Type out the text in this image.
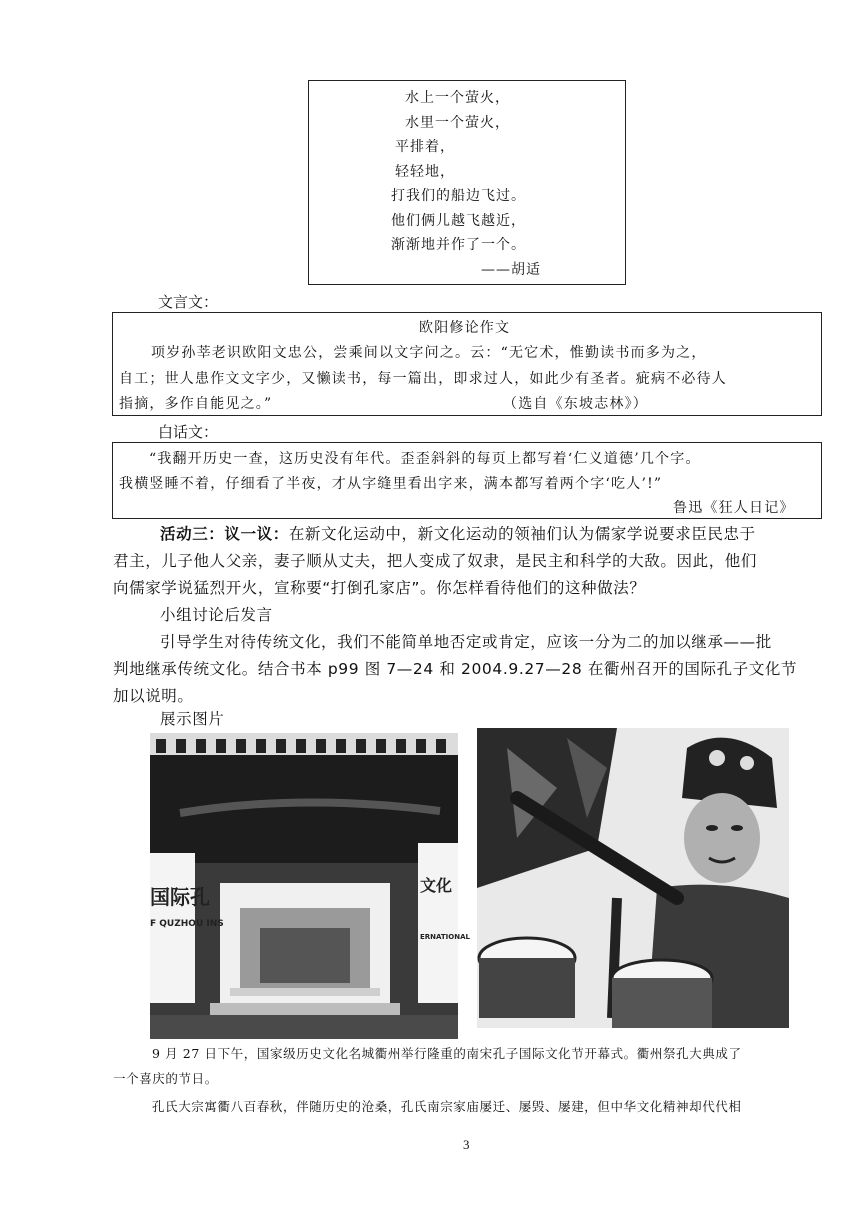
水上一个萤火，
水里一个萤火，
平排着，
轻轻地，
打我们的船边飞过。
他们俩儿越飞越近，
渐渐地并作了一个。
——胡适
文言文：
欧阳修论作文
项岁孙莘老识欧阳文忠公，尝乘间以文字问之。云：“无它术，惟勤读书而多为之，
自工；世人患作文文字少，又懒读书，每一篇出，即求过人，如此少有圣者。疵病不必待人
指摘，多作自能见之。”	（选自《东坡志林》）
白话文：
“我翻开历史一查，这历史没有年代。歪歪斜斜的每页上都写着‘仁义道德’几个字。
我横竖睡不着，仔细看了半夜，才从字缝里看出字来，满本都写着两个字‘吃人’!”
鲁迅《狂人日记》
活动三：议一议：在新文化运动中，新文化运动的领袖们认为儒家学说要求臣民忠于
君主，儿子他人父亲，妻子顺从丈夫，把人变成了奴隶，是民主和科学的大敌。因此，他们
向儒家学说猛烈开火，宣称要“打倒孔家店”。你怎样看待他们的这种做法？
小组讨论后发言
引导学生对待传统文化，我们不能简单地否定或肯定，应该一分为二的加以继承——批
判地继承传统文化。结合书本 p99 图 7—24 和 2004.9.27—28 在衢州召开的国际孔子文化节
加以说明。
展示图片
国际孔
F QUZHOU INS
文化
ERNATIONAL
9 月 27 日下午，国家级历史文化名城衢州举行隆重的南宋孔子国际文化节开幕式。衢州祭孔大典成了
一个喜庆的节日。
孔氏大宗寓衢八百春秋，伴随历史的沧桑，孔氏南宗家庙屡迁、屡毁、屡建，但中华文化精神却代代相
3
